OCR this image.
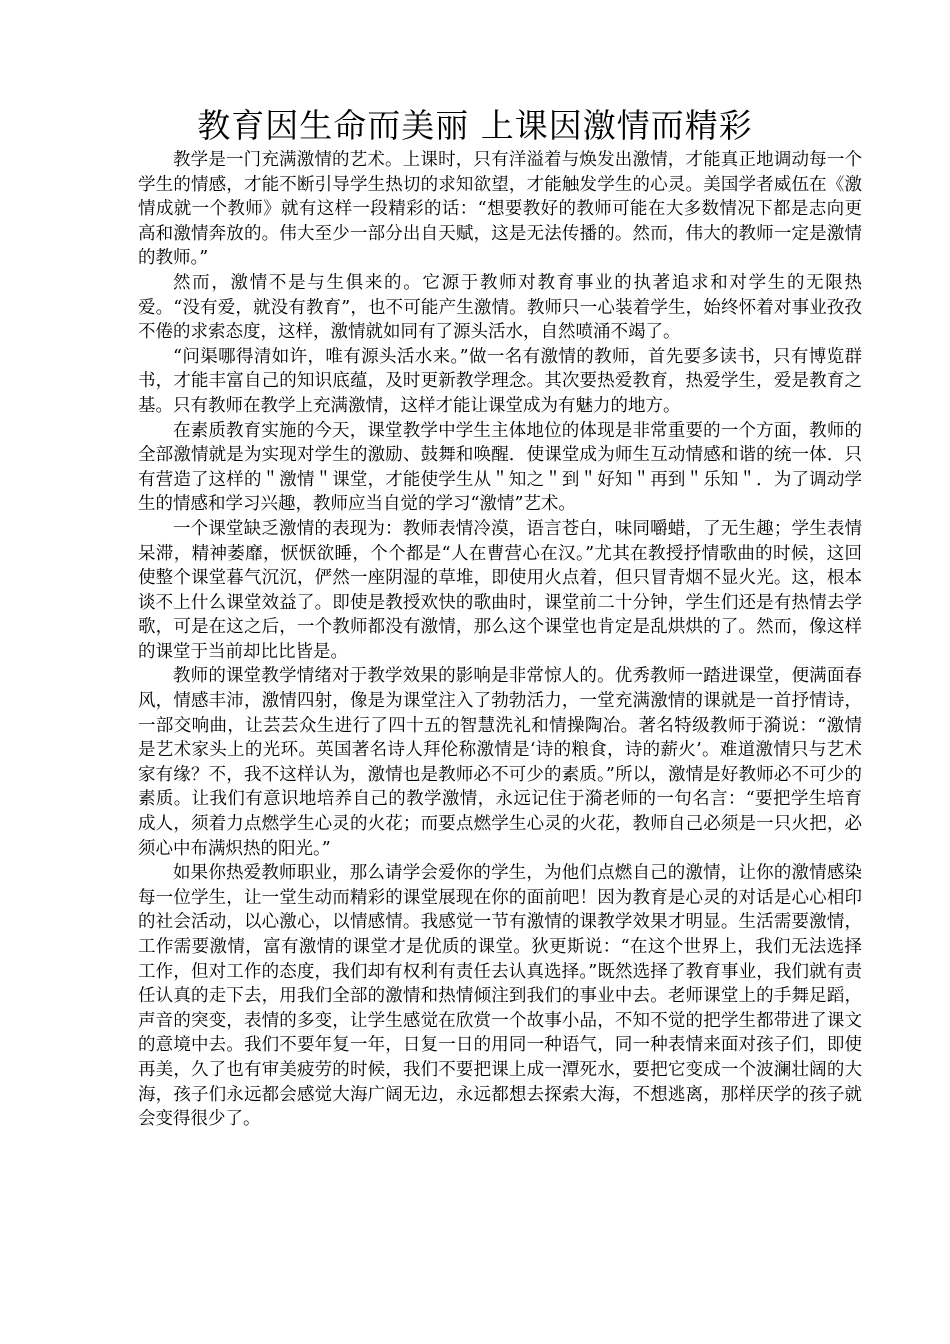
教育因生命而美丽 上课因激情而精彩

教学是一门充满激情的艺术。上课时，只有洋溢着与焕发出激情，才能真正地调动每一个学生的情感，才能不断引导学生热切的求知欲望，才能触发学生的心灵。美国学者威伍在《激情成就一个教师》就有这样一段精彩的话：“想要教好的教师可能在大多数情况下都是志向更高和激情奔放的。伟大至少一部分出自天赋，这是无法传播的。然而，伟大的教师一定是激情的教师。”

然而，激情不是与生俱来的。它源于教师对教育事业的执著追求和对学生的无限热爱。“没有爱，就没有教育”，也不可能产生激情。教师只一心装着学生，始终怀着对事业孜孜不倦的求索态度，这样，激情就如同有了源头活水，自然喷涌不竭了。

“问渠哪得清如许，唯有源头活水来。”做一名有激情的教师，首先要多读书，只有博览群书，才能丰富自己的知识底蕴，及时更新教学理念。其次要热爱教育，热爱学生，爱是教育之基。只有教师在教学上充满激情，这样才能让课堂成为有魅力的地方。

在素质教育实施的今天，课堂教学中学生主体地位的体现是非常重要的一个方面，教师的全部激情就是为实现对学生的激励、鼓舞和唤醒．使课堂成为师生互动情感和谐的统一体．只有营造了这样的＂激情＂课堂，才能使学生从＂知之＂到＂好知＂再到＂乐知＂．为了调动学生的情感和学习兴趣，教师应当自觉的学习“激情”艺术。

一个课堂缺乏激情的表现为：教师表情冷漠，语言苍白，味同嚼蜡，了无生趣；学生表情呆滞，精神萎靡，恹恹欲睡，个个都是“人在曹营心在汉。”尤其在教授抒情歌曲的时候，这回使整个课堂暮气沉沉，俨然一座阴湿的草堆，即使用火点着，但只冒青烟不显火光。这，根本谈不上什么课堂效益了。即使是教授欢快的歌曲时，课堂前二十分钟，学生们还是有热情去学歌，可是在这之后，一个教师都没有激情，那么这个课堂也肯定是乱烘烘的了。然而，像这样的课堂于当前却比比皆是。

教师的课堂教学情绪对于教学效果的影响是非常惊人的。优秀教师一踏进课堂，便满面春风，情感丰沛，激情四射，像是为课堂注入了勃勃活力，一堂充满激情的课就是一首抒情诗，一部交响曲，让芸芸众生进行了四十五的智慧洗礼和情操陶冶。著名特级教师于漪说：“激情是艺术家头上的光环。英国著名诗人拜伦称激情是‘诗的粮食，诗的薪火’。难道激情只与艺术家有缘？不，我不这样认为，激情也是教师必不可少的素质。”所以，激情是好教师必不可少的素质。让我们有意识地培养自己的教学激情，永远记住于漪老师的一句名言：“要把学生培育成人，须着力点燃学生心灵的火花；而要点燃学生心灵的火花，教师自己必须是一只火把，必须心中布满炽热的阳光。”

如果你热爱教师职业，那么请学会爱你的学生，为他们点燃自己的激情，让你的激情感染每一位学生，让一堂生动而精彩的课堂展现在你的面前吧！因为教育是心灵的对话是心心相印的社会活动，以心激心，以情感情。我感觉一节有激情的课教学效果才明显。生活需要激情，工作需要激情，富有激情的课堂才是优质的课堂。狄更斯说：“在这个世界上，我们无法选择工作，但对工作的态度，我们却有权利有责任去认真选择。”既然选择了教育事业，我们就有责任认真的走下去，用我们全部的激情和热情倾注到我们的事业中去。老师课堂上的手舞足蹈，声音的突变，表情的多变，让学生感觉在欣赏一个故事小品，不知不觉的把学生都带进了课文的意境中去。我们不要年复一年，日复一日的用同一种语气，同一种表情来面对孩子们，即使再美，久了也有审美疲劳的时候，我们不要把课上成一潭死水，要把它变成一个波澜壮阔的大海，孩子们永远都会感觉大海广阔无边，永远都想去探索大海，不想逃离，那样厌学的孩子就会变得很少了。
